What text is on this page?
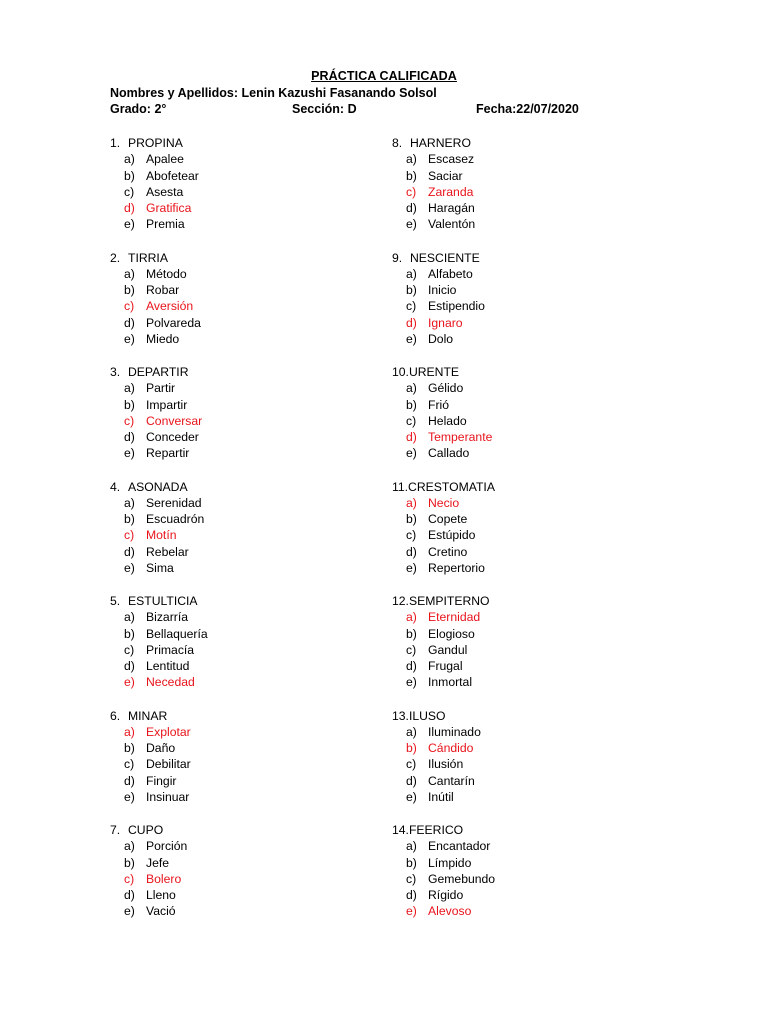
PRÁCTICA CALIFICADA
Nombres y Apellidos: Lenin Kazushi Fasanando Solsol
Grado: 2°	Sección: D	Fecha:22/07/2020
1. PROPINA
a) Apalee
b) Abofetear
c) Asesta
d) Gratifica
e) Premia
2. TIRRIA
a) Método
b) Robar
c) Aversión
d) Polvareda
e) Miedo
3. DEPARTIR
a) Partir
b) Impartir
c) Conversar
d) Conceder
e) Repartir
4. ASONADA
a) Serenidad
b) Escuadrón
c) Motín
d) Rebelar
e) Sima
5. ESTULTICIA
a) Bizarría
b) Bellaquería
c) Primacía
d) Lentitud
e) Necedad
6. MINAR
a) Explotar
b) Daño
c) Debilitar
d) Fingir
e) Insinuar
7. CUPO
a) Porción
b) Jefe
c) Bolero
d) Lleno
e) Vació
8. HARNERO
a) Escasez
b) Saciar
c) Zaranda
d) Haragán
e) Valentón
9. NESCIENTE
a) Alfabeto
b) Inicio
c) Estipendio
d) Ignaro
e) Dolo
10.URENTE
a) Gélido
b) Frió
c) Helado
d) Temperante
e) Callado
11.CRESTOMATIA
a) Necio
b) Copete
c) Estúpido
d) Cretino
e) Repertorio
12.SEMPITERNO
a) Eternidad
b) Elogioso
c) Gandul
d) Frugal
e) Inmortal
13.ILUSO
a) Iluminado
b) Cándido
c) Ilusión
d) Cantarín
e) Inútil
14.FEERICO
a) Encantador
b) Límpido
c) Gemebundo
d) Rígido
e) Alevoso
